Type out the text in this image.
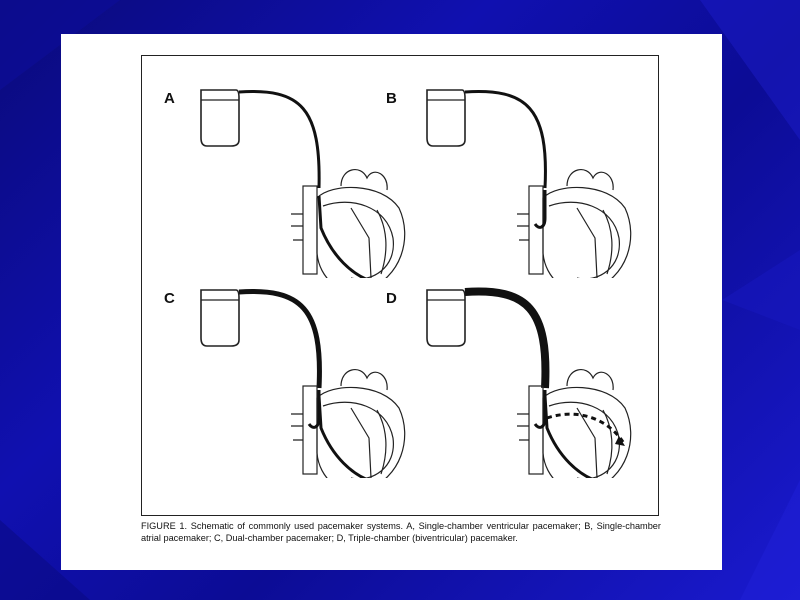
A	B
C	D
FIGURE 1. Schematic of commonly used pacemaker systems. A, Single-chamber ventricular pacemaker; B, Single-chamber atrial pacemaker; C, Dual-chamber pacemaker; D, Triple-chamber (biventricular) pacemaker.
